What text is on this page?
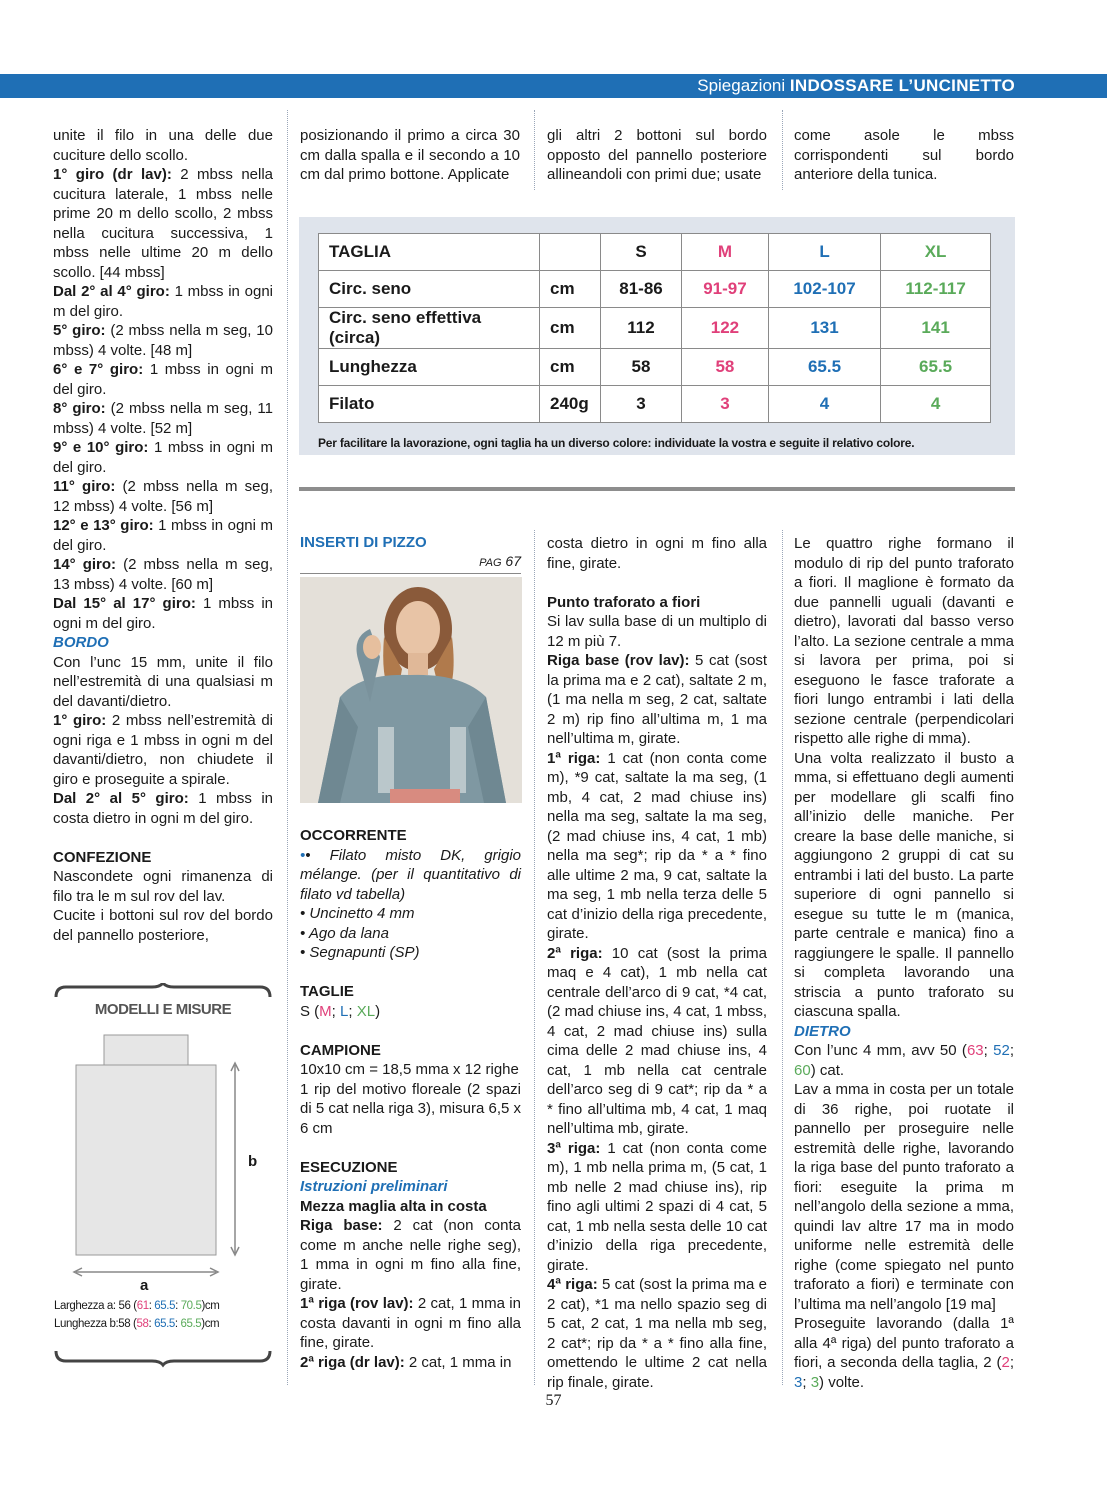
Spiegazioni INDOSSARE L’UNCINETTO

unite il filo in una delle due cuciture dello scollo.

1° giro (dr lav): 2 mbss nella cucitura laterale, 1 mbss nelle prime 20 m dello scollo, 2 mbss nella cucitura successiva, 1 mbss nelle ultime 20 m dello scollo. [44 mbss]

Dal 2° al 4° giro: 1 mbss in ogni m del giro.

5° giro: (2 mbss nella m seg, 10 mbss) 4 volte. [48 m]

6° e 7° giro: 1 mbss in ogni m del giro.

8° giro: (2 mbss nella m seg, 11 mbss) 4 volte. [52 m]

9° e 10° giro: 1 mbss in ogni m del giro.

11° giro: (2 mbss nella m seg, 12 mbss) 4 volte. [56 m]

12° e 13° giro: 1 mbss in ogni m del giro.

14° giro: (2 mbss nella m seg, 13 mbss) 4 volte. [60 m]

Dal 15° al 17° giro: 1 mbss in ogni m del giro.

BORDO

Con l’unc 15 mm, unite il filo nell’estremità di una qualsiasi m del davanti/dietro.

1° giro: 2 mbss nell’estremità di ogni riga e 1 mbss in ogni m del davanti/dietro, non chiudete il giro e proseguite a spirale.

Dal 2° al 5° giro: 1 mbss in costa dietro in ogni m del giro.

CONFEZIONE

Nascondete ogni rimanenza di filo tra le m sul rov del lav.

Cucite i bottoni sul rov del bordo del pannello posteriore,

posizionando il primo a circa 30 cm dalla spalla e il secondo a 10 cm dal primo bottone. Applicate
gli altri 2 bottoni sul bordo opposto del pannello posteriore allineandoli con primi due; usate
come asole le mbss corrispondenti sul bordo anteriore della tunica.
TAGLIA		S	M	L	XL
Circ. seno	cm	81-86	91-97	102-107	112-117
Circ. seno effettiva (circa)	cm	112	122	131	141
Lunghezza	cm	58	58	65.5	65.5
Filato	240g	3	3	4	4
Per facilitare la lavorazione, ogni taglia ha un diverso colore: individuate la vostra e seguite il relativo colore.
INSERTI DI PIZZO
PAG 67

OCCORRENTE

•• Filato misto DK, grigio mélange. (per il quantitativo di filato vd tabella)

• Uncinetto 4 mm

• Ago da lana

• Segnapunti (SP)

TAGLIE

S (M; L; XL)

CAMPIONE

10x10 cm = 18,5 mma x 12 righe

1 rip del motivo floreale (2 spazi di 5 cat nella riga 3), misura 6,5 x 6 cm

ESECUZIONE

Istruzioni preliminari

Mezza maglia alta in costa

Riga base: 2 cat (non conta come m anche nelle righe seg), 1 mma in ogni m fino alla fine, girate.

1ª riga (rov lav): 2 cat, 1 mma in costa davanti in ogni m fino alla fine, girate.

2ª riga (dr lav): 2 cat, 1 mma in

costa dietro in ogni m fino alla fine, girate.

Punto traforato a fiori

Si lav sulla base di un multiplo di 12 m più 7.

Riga base (rov lav): 5 cat (sost la prima ma e 2 cat), saltate 2 m, (1 ma nella m seg, 2 cat, saltate 2 m) rip fino all’ultima m, 1 ma nell’ultima m, girate.

1ª riga: 1 cat (non conta come m), *9 cat, saltate la ma seg, (1 mb, 4 cat, 2 mad chiuse ins) nella ma seg, saltate la ma seg, (2 mad chiuse ins, 4 cat, 1 mb) nella ma seg*; rip da * a * fino alle ultime 2 ma, 9 cat, saltate la ma seg, 1 mb nella terza delle 5 cat d’inizio della riga precedente, girate.

2ª riga: 10 cat (sost la prima maq e 4 cat), 1 mb nella cat centrale dell’arco di 9 cat, *4 cat, (2 mad chiuse ins, 4 cat, 1 mbss, 4 cat, 2 mad chiuse ins) sulla cima delle 2 mad chiuse ins, 4 cat, 1 mb nella cat centrale dell’arco seg di 9 cat*; rip da * a * fino all’ultima mb, 4 cat, 1 maq nell’ultima mb, girate.

3ª riga: 1 cat (non conta come m), 1 mb nella prima m, (5 cat, 1 mb nelle 2 mad chiuse ins), rip fino agli ultimi 2 spazi di 4 cat, 5 cat, 1 mb nella sesta delle 10 cat d’inizio della riga precedente, girate.

4ª riga: 5 cat (sost la prima ma e 2 cat), *1 ma nello spazio seg di 5 cat, 2 cat, 1 ma nella mb seg, 2 cat*; rip da * a * fino alla fine, omettendo le ultime 2 cat nella rip finale, girate.

Le quattro righe formano il modulo di rip del punto traforato a fiori. Il maglione è formato da due pannelli uguali (davanti e dietro), lavorati dal basso verso l’alto. La sezione centrale a mma si lavora per prima, poi si eseguono le fasce traforate a fiori lungo entrambi i lati della sezione centrale (perpendicolari rispetto alle righe di mma).

Una volta realizzato il busto a mma, si effettuano degli aumenti per modellare gli scalfi fino all’inizio delle maniche. Per creare la base delle maniche, si aggiungono 2 gruppi di cat su entrambi i lati del busto. La parte superiore di ogni pannello si esegue su tutte le m (manica, parte centrale e manica) fino a raggiungere le spalle. Il pannello si completa lavorando una striscia a punto traforato su ciascuna spalla.

DIETRO

Con l’unc 4 mm, avv 50 (63; 52; 60) cat.

Lav a mma in costa per un totale di 36 righe, poi ruotate il pannello per proseguire nelle estremità delle righe, lavorando la riga base del punto traforato a fiori: eseguite la prima m nell’angolo della sezione a mma, quindi lav altre 17 ma in modo uniforme nelle estremità delle righe (come spiegato nel punto traforato a fiori) e terminate con l’ultima ma nell’angolo [19 ma]

Proseguite lavorando (dalla 1ª alla 4ª riga) del punto traforato a fiori, a seconda della taglia, 2 (2; 3; 3) volte.

MODELLI E MISURE
b
a
Larghezza a: 56 (61: 65.5: 70.5)cm
Lunghezza b:58 (58: 65.5: 65.5)cm
57
